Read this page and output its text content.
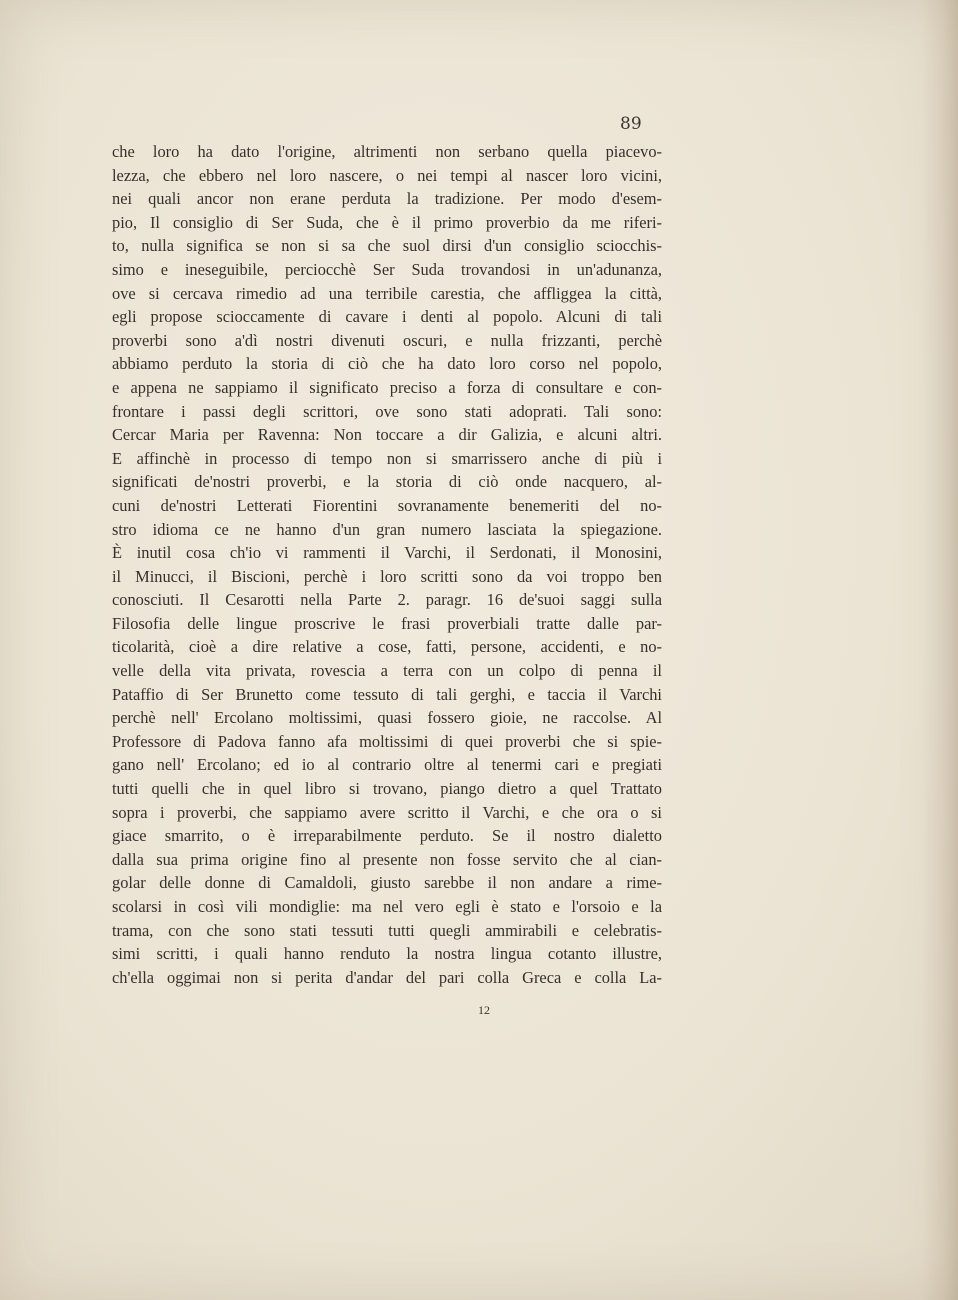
89
che loro ha dato l'origine, altrimenti non serbano quella piacevo-
lezza, che ebbero nel loro nascere, o nei tempi al nascer loro vicini,
nei quali ancor non erane perduta la tradizione. Per modo d'esem-
pio, Il consiglio di Ser Suda, che è il primo proverbio da me riferi-
to, nulla significa se non si sa che suol dirsi d'un consiglio sciocchis-
simo e ineseguibile, perciocchè Ser Suda trovandosi in un'adunanza,
ove si cercava rimedio ad una terribile carestia, che affliggea la città,
egli propose scioccamente di cavare i denti al popolo. Alcuni di tali
proverbi sono a'dì nostri divenuti oscuri, e nulla frizzanti, perchè
abbiamo perduto la storia di ciò che ha dato loro corso nel popolo,
e appena ne sappiamo il significato preciso a forza di consultare e con-
frontare i passi degli scrittori, ove sono stati adoprati. Tali sono:
Cercar Maria per Ravenna: Non toccare a dir Galizia, e alcuni altri.
E affinchè in processo di tempo non si smarrissero anche di più i
significati de'nostri proverbi, e la storia di ciò onde nacquero, al-
cuni de'nostri Letterati Fiorentini sovranamente benemeriti del no-
stro idioma ce ne hanno d'un gran numero lasciata la spiegazione.
È inutil cosa ch'io vi rammenti il Varchi, il Serdonati, il Monosini,
il Minucci, il Biscioni, perchè i loro scritti sono da voi troppo ben
conosciuti. Il Cesarotti nella Parte 2. paragr. 16 de'suoi saggi sulla
Filosofia delle lingue proscrive le frasi proverbiali tratte dalle par-
ticolarità, cioè a dire relative a cose, fatti, persone, accidenti, e no-
velle della vita privata, rovescia a terra con un colpo di penna il
Pataffio di Ser Brunetto come tessuto di tali gerghi, e taccia il Varchi
perchè nell' Ercolano moltissimi, quasi fossero gioie, ne raccolse. Al
Professore di Padova fanno afa moltissimi di quei proverbi che si spie-
gano nell' Ercolano; ed io al contrario oltre al tenermi cari e pregiati
tutti quelli che in quel libro si trovano, piango dietro a quel Trattato
sopra i proverbi, che sappiamo avere scritto il Varchi, e che ora o si
giace smarrito, o è irreparabilmente perduto. Se il nostro dialetto
dalla sua prima origine fino al presente non fosse servito che al cian-
golar delle donne di Camaldoli, giusto sarebbe il non andare a rime-
scolarsi in così vili mondiglie: ma nel vero egli è stato e l'orsoio e la
trama, con che sono stati tessuti tutti quegli ammirabili e celebratis-
simi scritti, i quali hanno renduto la nostra lingua cotanto illustre,
ch'ella oggimai non si perita d'andar del pari colla Greca e colla La-
12
